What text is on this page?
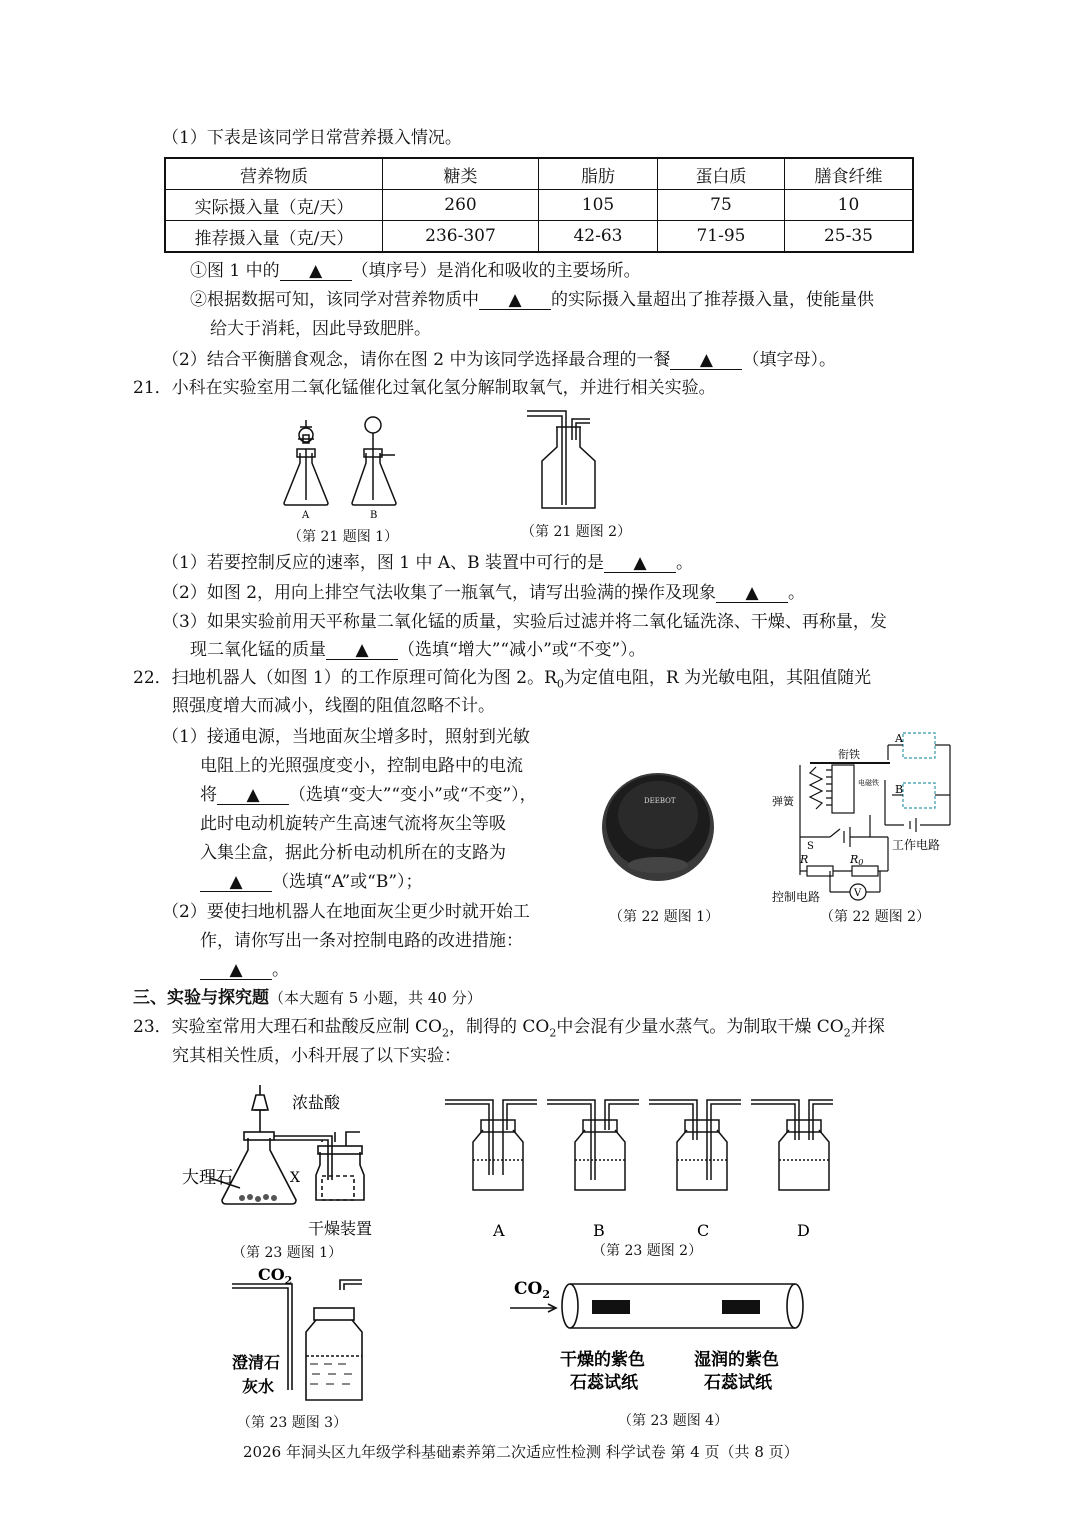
（1）下表是该同学日常营养摄入情况。
营养物质	糖类	脂肪	蛋白质	膳食纤维
实际摄入量（克/天）	260	105	75	10
推荐摄入量（克/天）	236-307	42-63	71-95	25-35
①图 1 中的 ▲ （填序号）是消化和吸收的主要场所。
②根据数据可知，该同学对营养物质中 ▲ 的实际摄入量超出了推荐摄入量，使能量供
给大于消耗，因此导致肥胖。
（2）结合平衡膳食观念，请你在图 2 中为该同学选择最合理的一餐 ▲ （填字母）。
21．小科在实验室用二氧化锰催化过氧化氢分解制取氧气，并进行相关实验。
A	B
（第 21 题图 1）	（第 21 题图 2）
（1）若要控制反应的速率，图 1 中 A、B 装置中可行的是 ▲ 。
（2）如图 2，用向上排空气法收集了一瓶氧气，请写出验满的操作及现象 ▲ 。
（3）如果实验前用天平称量二氧化锰的质量，实验后过滤并将二氧化锰洗涤、干燥、再称量，发
现二氧化锰的质量 ▲ （选填“增大”“减小”或“不变”）。
22．扫地机器人（如图 1）的工作原理可简化为图 2。$R_0$为定值电阻，R 为光敏电阻，其阻值随光
照强度增大而减小，线圈的阻值忽略不计。
（1）接通电源，当地面灰尘增多时，照射到光敏
电阻上的光照强度变小，控制电路中的电流
将 ▲ （选填“变大”“变小”或“不变”），
此时电动机旋转产生高速气流将灰尘等吸
入集尘盒，据此分析电动机所在的支路为
▲ （选填“A”或“B”）；
（2）要使扫地机器人在地面灰尘更少时就开始工
作，请你写出一条对控制电路的改进措施：
▲ 。
DEEBOT
（第 22 题图 1）
衔铁
弹簧
电磁铁
A
B
S
R	R0
V
工作电路
控制电路
（第 22 题图 2）
三、实验与探究题（本大题有 5 小题，共 40 分）
23．实验室常用大理石和盐酸反应制 $CO_2$，制得的 $CO_2$中会混有少量水蒸气。为制取干燥 $CO_2$并探
究其相关性质，小科开展了以下实验：
浓盐酸
大理石	X
干燥装置
（第 23 题图 1）
A	B	C	D
（第 23 题图 2）
$CO_2$
澄清石
灰水
（第 23 题图 3）
$CO_2$
干燥的紫色
石蕊试纸
湿润的紫色
石蕊试纸
（第 23 题图 4）
2026 年洞头区九年级学科基础素养第二次适应性检测 科学试卷 第 4 页（共 8 页）
